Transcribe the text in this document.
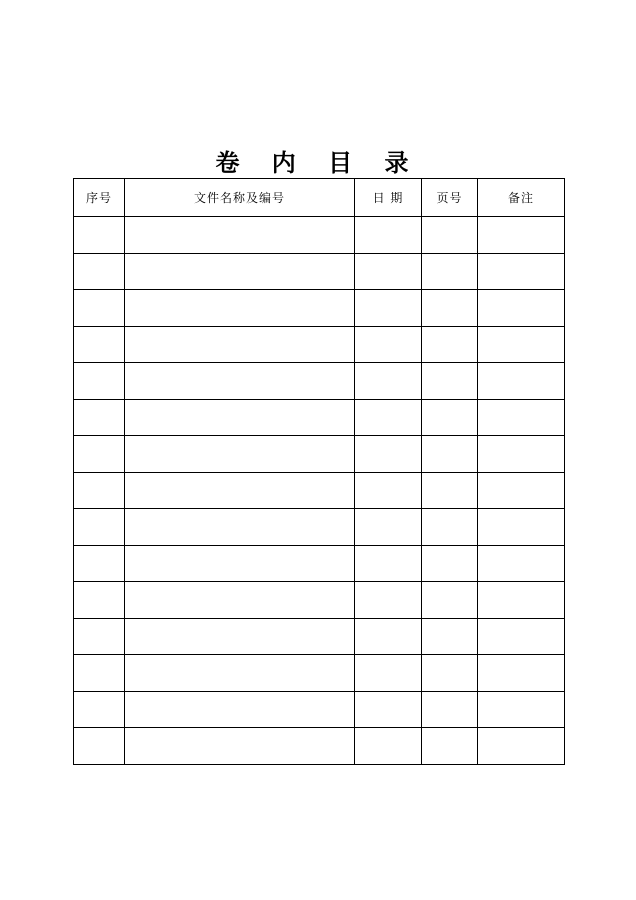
卷 内 目 录
序号	文件名称及编号	日 期	页号	备注
